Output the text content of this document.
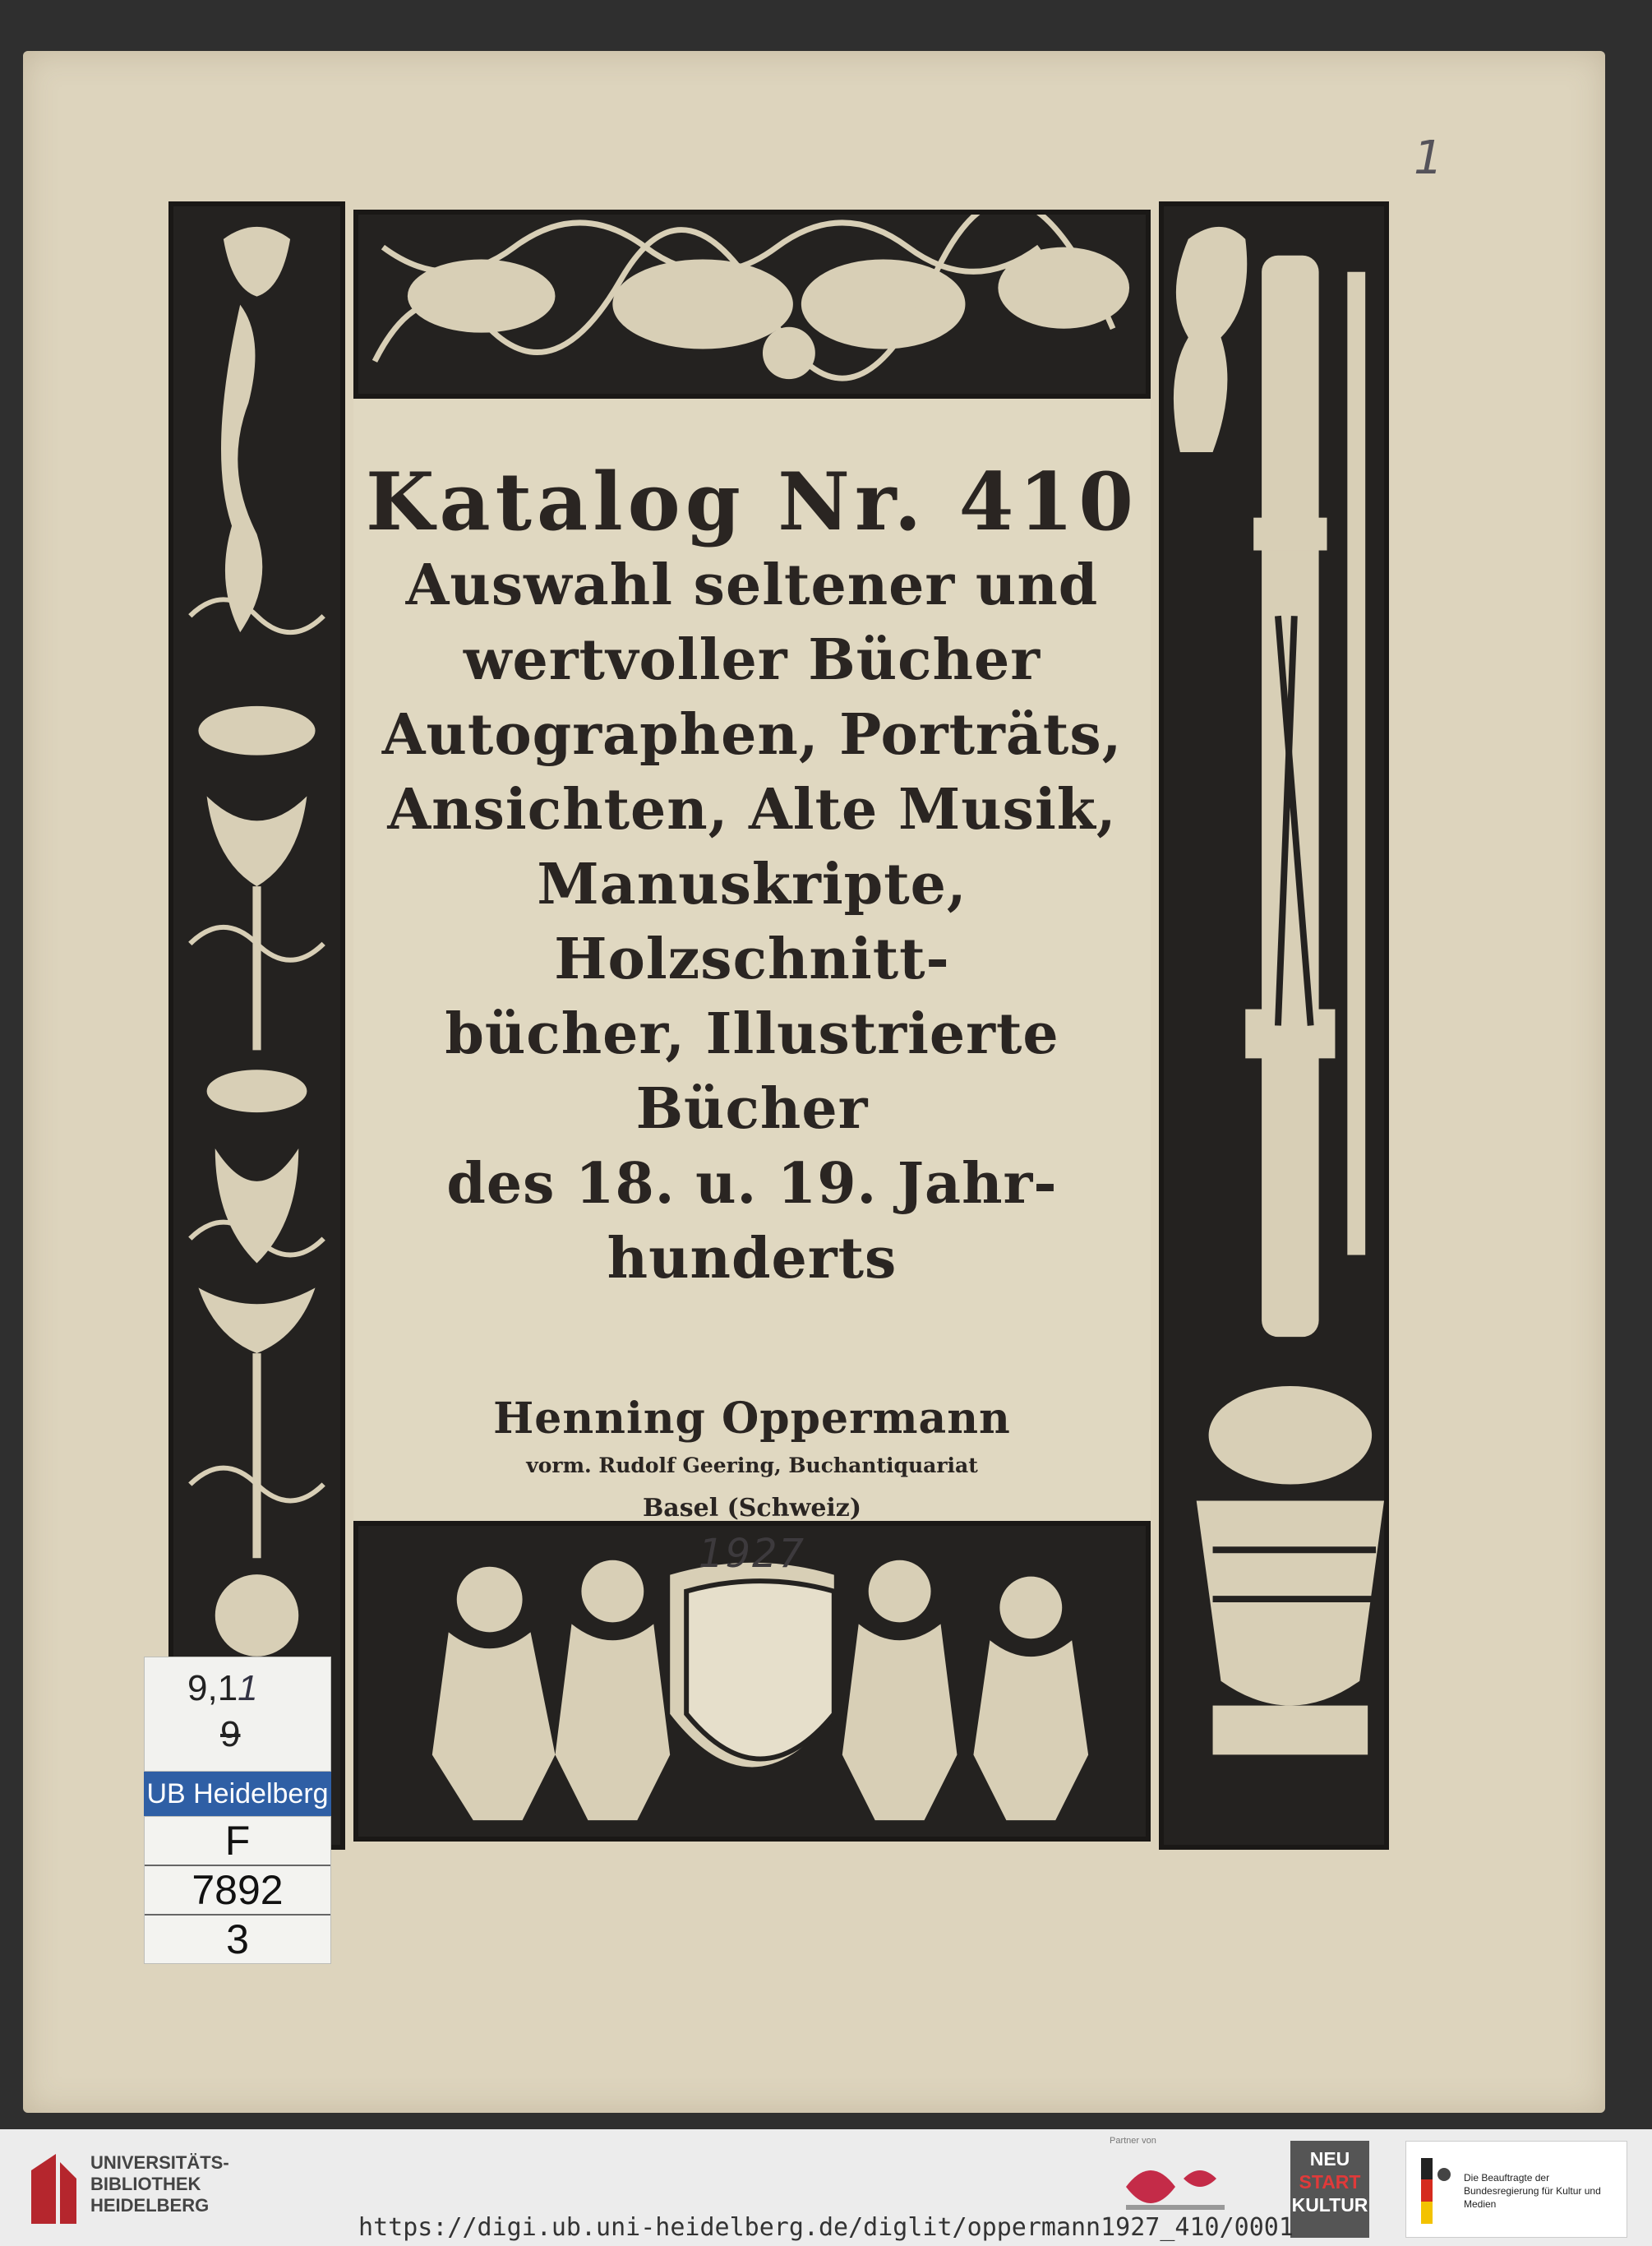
1
Katalog Nr. 410
Auswahl seltener und
wertvoller Bücher
Autographen, Porträts,
Ansichten, Alte Musik,
Manuskripte, Holzschnitt-
bücher, Illustrierte Bücher
des 18. u. 19. Jahr-
hunderts
Henning Oppermann
vorm. Rudolf Geering, Buchantiquariat
Basel (Schweiz)
1927
9,11
9
UB Heidelberg
F
7892
3
UNIVERSITÄTS-
BIBLIOTHEK
HEIDELBERG
Partner von
NEU
START
KULTUR
Die Beauftragte der Bundesregierung für Kultur und Medien
https://digi.ub.uni-heidelberg.de/diglit/oppermann1927_410/0001
